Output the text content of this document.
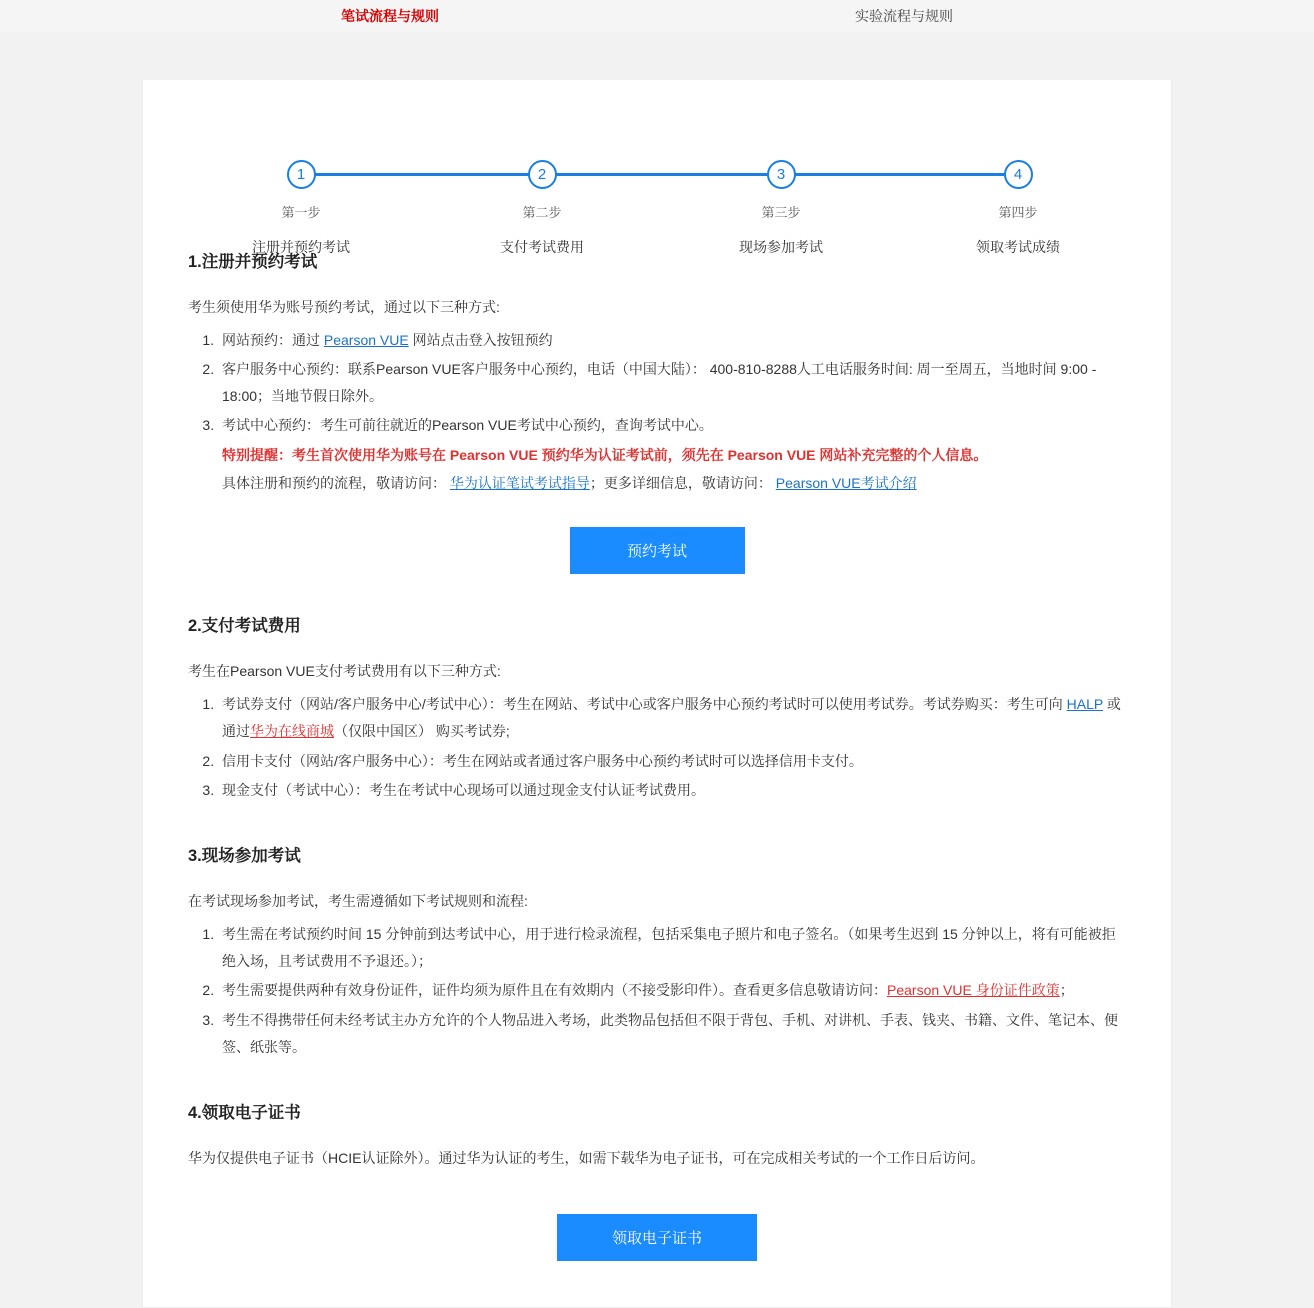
笔试流程与规则	实验流程与规则
1
第一步
注册并预约考试
2
第二步
支付考试费用
3
第三步
现场参加考试
4
第四步
领取考试成绩
1.注册并预约考试

考生须使用华为账号预约考试，通过以下三种方式:

1. 网站预约：通过 Pearson VUE 网站点击登入按钮预约
2. 客户服务中心预约：联系Pearson VUE客户服务中心预约，电话（中国大陆）： 400-810-8288人工电话服务时间: 周一至周五，当地时间 9:00 - 18:00；当地节假日除外。
3. 考试中心预约：考生可前往就近的Pearson VUE考试中心预约，查询考试中心。
特别提醒：考生首次使用华为账号在 Pearson VUE 预约华为认证考试前，须先在 Pearson VUE 网站补充完整的个人信息。
具体注册和预约的流程，敬请访问： 华为认证笔试考试指导；更多详细信息，敬请访问： Pearson VUE考试介绍
预约考试
2.支付考试费用

考生在Pearson VUE支付考试费用有以下三种方式:

1. 考试券支付（网站/客户服务中心/考试中心）：考生在网站、考试中心或客户服务中心预约考试时可以使用考试券。考试券购买：考生可向 HALP 或通过华为在线商城（仅限中国区） 购买考试券;
2. 信用卡支付（网站/客户服务中心）：考生在网站或者通过客户服务中心预约考试时可以选择信用卡支付。
3. 现金支付（考试中心）：考生在考试中心现场可以通过现金支付认证考试费用。
3.现场参加考试

在考试现场参加考试，考生需遵循如下考试规则和流程:

1. 考生需在考试预约时间 15 分钟前到达考试中心，用于进行检录流程，包括采集电子照片和电子签名。（如果考生迟到 15 分钟以上，将有可能被拒绝入场，且考试费用不予退还。）；
2. 考生需要提供两种有效身份证件，证件均须为原件且在有效期内（不接受影印件）。查看更多信息敬请访问：Pearson VUE 身份证件政策；
3. 考生不得携带任何未经考试主办方允许的个人物品进入考场，此类物品包括但不限于背包、手机、对讲机、手表、钱夹、书籍、文件、笔记本、便签、纸张等。
4.领取电子证书

华为仅提供电子证书（HCIE认证除外）。通过华为认证的考生，如需下载华为电子证书，可在完成相关考试的一个工作日后访问。

领取电子证书
